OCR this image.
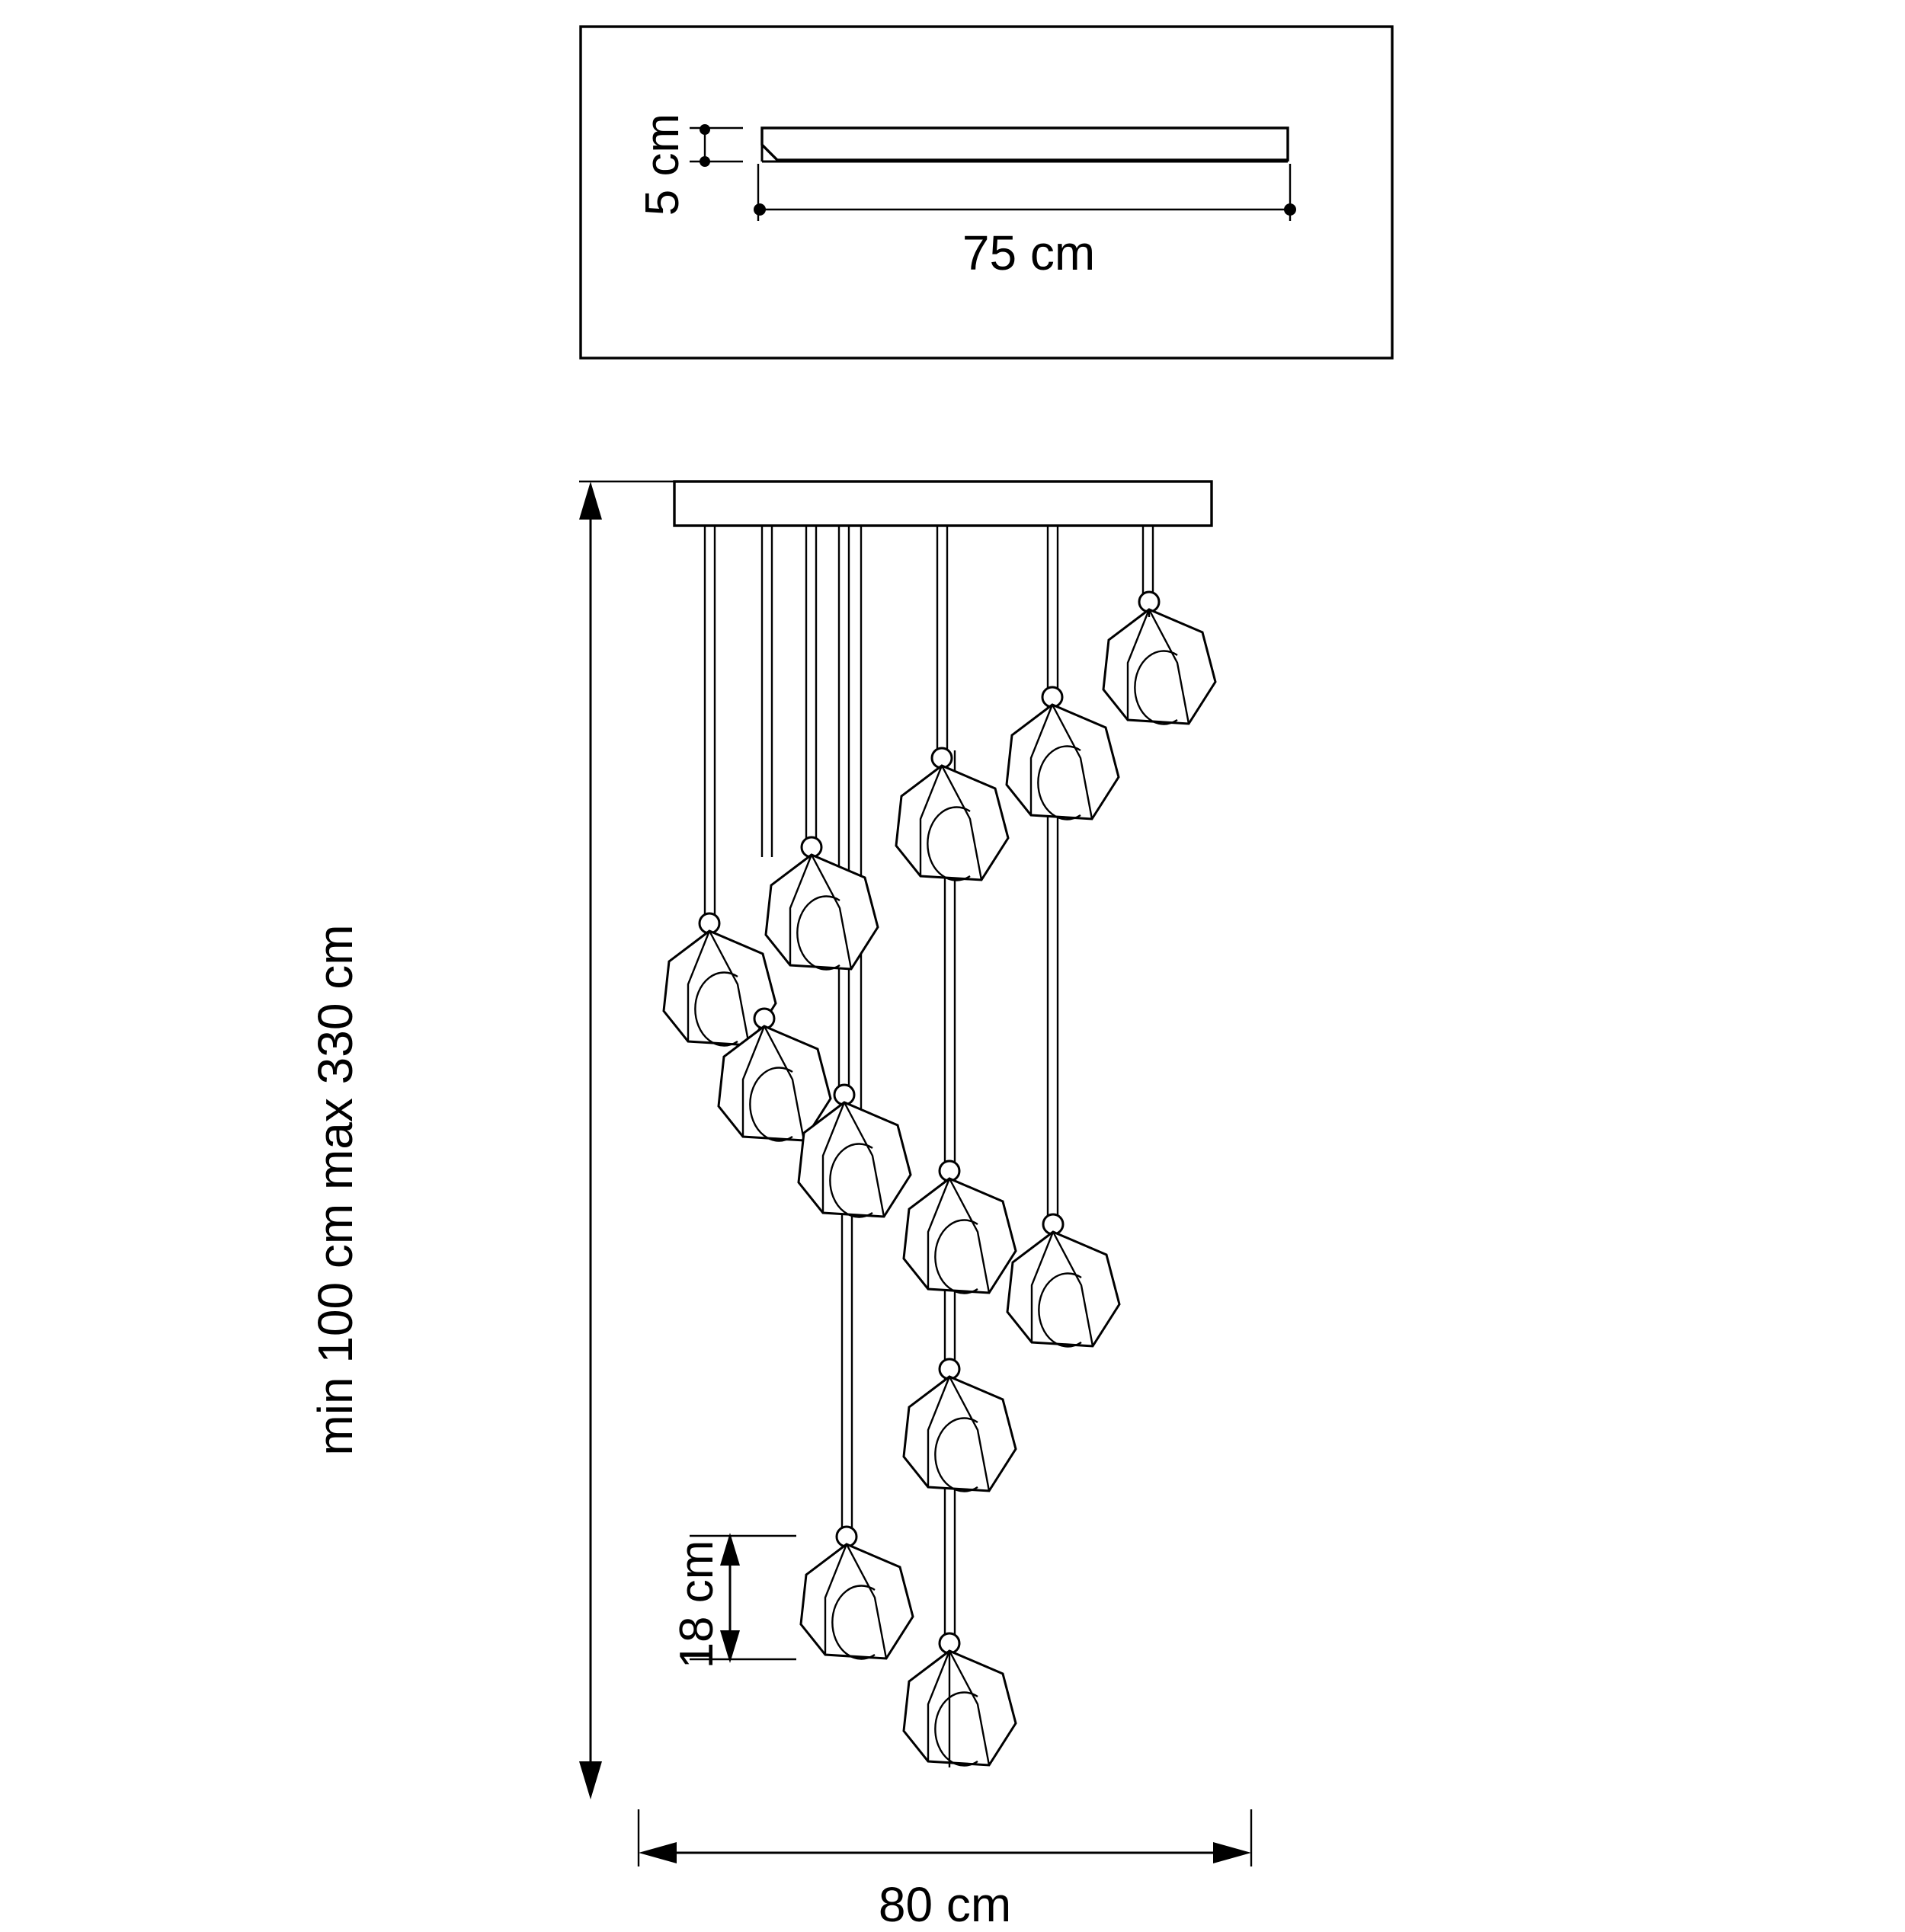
5 cm
75 cm
min 100 cm max 330 cm
18 cm
80 cm
